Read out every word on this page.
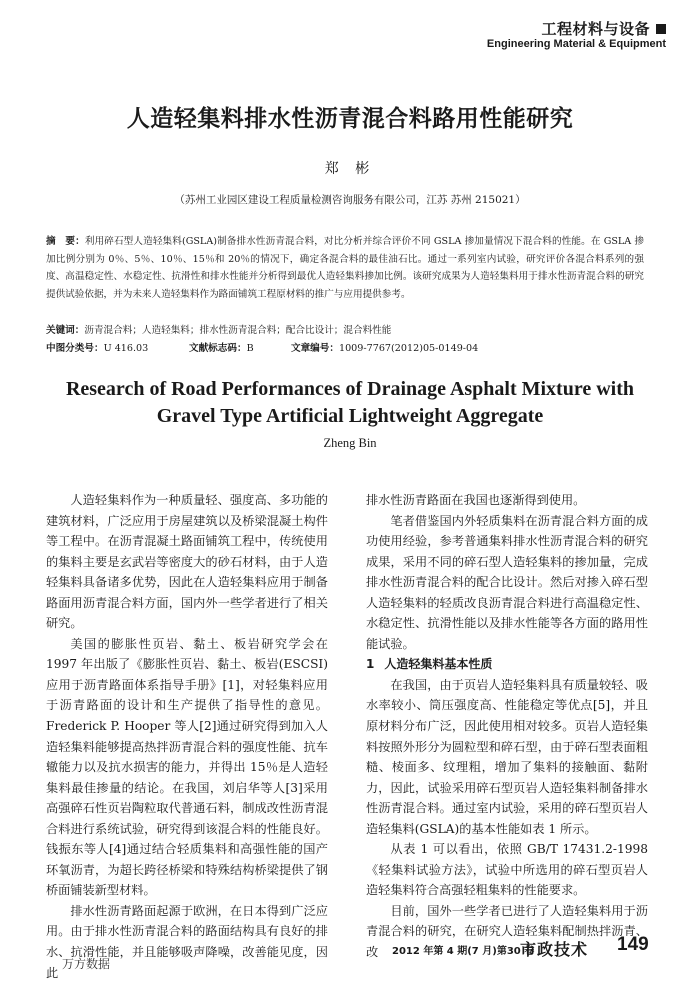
工程材料与设备
Engineering Material & Equipment
人造轻集料排水性沥青混合料路用性能研究
郑 彬
（苏州工业园区建设工程质量检测咨询服务有限公司，江苏 苏州 215021）
摘　要：利用碎石型人造轻集料(GSLA)制备排水性沥青混合料，对比分析并综合评价不同 GSLA 掺加量情况下混合料的性能。在 GSLA 掺加比例分别为 0％、5％、10％、15％和 20％的情况下，确定各混合料的最佳油石比。通过一系列室内试验，研究评价各混合料系列的强度、高温稳定性、水稳定性、抗滑性和排水性能并分析得到最优人造轻集料掺加比例。该研究成果为人造轻集料用于排水性沥青混合料的研究提供试验依据，并为未来人造轻集料作为路面铺筑工程原材料的推广与应用提供参考。
关键词：沥青混合料；人造轻集料；排水性沥青混合料；配合比设计；混合料性能
中图分类号：U 416.03	文献标志码：B	文章编号：1009-7767(2012)05-0149-04
Research of Road Performances of Drainage Asphalt Mixture with Gravel Type Artificial Lightweight Aggregate
Zheng Bin

人造轻集料作为一种质量轻、强度高、多功能的建筑材料，广泛应用于房屋建筑以及桥梁混凝土构件等工程中。在沥青混凝土路面铺筑工程中，传统使用的集料主要是玄武岩等密度大的砂石材料，由于人造轻集料具备诸多优势，因此在人造轻集料应用于制备路面用沥青混合料方面，国内外一些学者进行了相关研究。

美国的膨胀性页岩、黏土、板岩研究学会在 1997 年出版了《膨胀性页岩、黏土、板岩(ESCSI)应用于沥青路面体系指导手册》[1]，对轻集料应用于沥青路面的设计和生产提供了指导性的意见。Frederick P. Hooper 等人[2]通过研究得到加入人造轻集料能够提高热拌沥青混合料的强度性能、抗车辙能力以及抗水损害的能力，并得出 15％是人造轻集料最佳掺量的结论。在我国，刘启华等人[3]采用高强碎石性页岩陶粒取代普通石料，制成改性沥青混合料进行系统试验，研究得到该混合料的性能良好。钱振东等人[4]通过结合轻质集料和高强性能的国产环氧沥青，为超长跨径桥梁和特殊结构桥梁提供了钢桥面铺装新型材料。

排水性沥青路面起源于欧洲，在日本得到广泛应用。由于排水性沥青混合料的路面结构具有良好的排水、抗滑性能，并且能够吸声降噪，改善能见度，因此

排水性沥青路面在我国也逐渐得到使用。

笔者借鉴国内外轻质集料在沥青混合料方面的成功使用经验，参考普通集料排水性沥青混合料的研究成果，采用不同的碎石型人造轻集料的掺加量，完成排水性沥青混合料的配合比设计。然后对掺入碎石型人造轻集料的轻质改良沥青混合料进行高温稳定性、水稳定性、抗滑性能以及排水性能等各方面的路用性能试验。

1 人造轻集料基本性质

在我国，由于页岩人造轻集料具有质量较轻、吸水率较小、筒压强度高、性能稳定等优点[5]，并且原材料分布广泛，因此使用相对较多。页岩人造轻集料按照外形分为圆粒型和碎石型，由于碎石型表面粗糙、棱面多、纹理粗，增加了集料的接触面、黏附力，因此，试验采用碎石型页岩人造轻集料制备排水性沥青混合料。通过室内试验，采用的碎石型页岩人造轻集料(GSLA)的基本性能如表 1 所示。

从表 1 可以看出，依照 GB/T 17431.2-1998《轻集料试验方法》，试验中所选用的碎石型页岩人造轻集料符合高强轻粗集料的性能要求。

目前，国外一些学者已进行了人造轻集料用于沥青混合料的研究，在研究人造轻集料配制热拌沥青、改	2012 年第 4 期(7 月)第30 卷
市政技术 149
万方数据
